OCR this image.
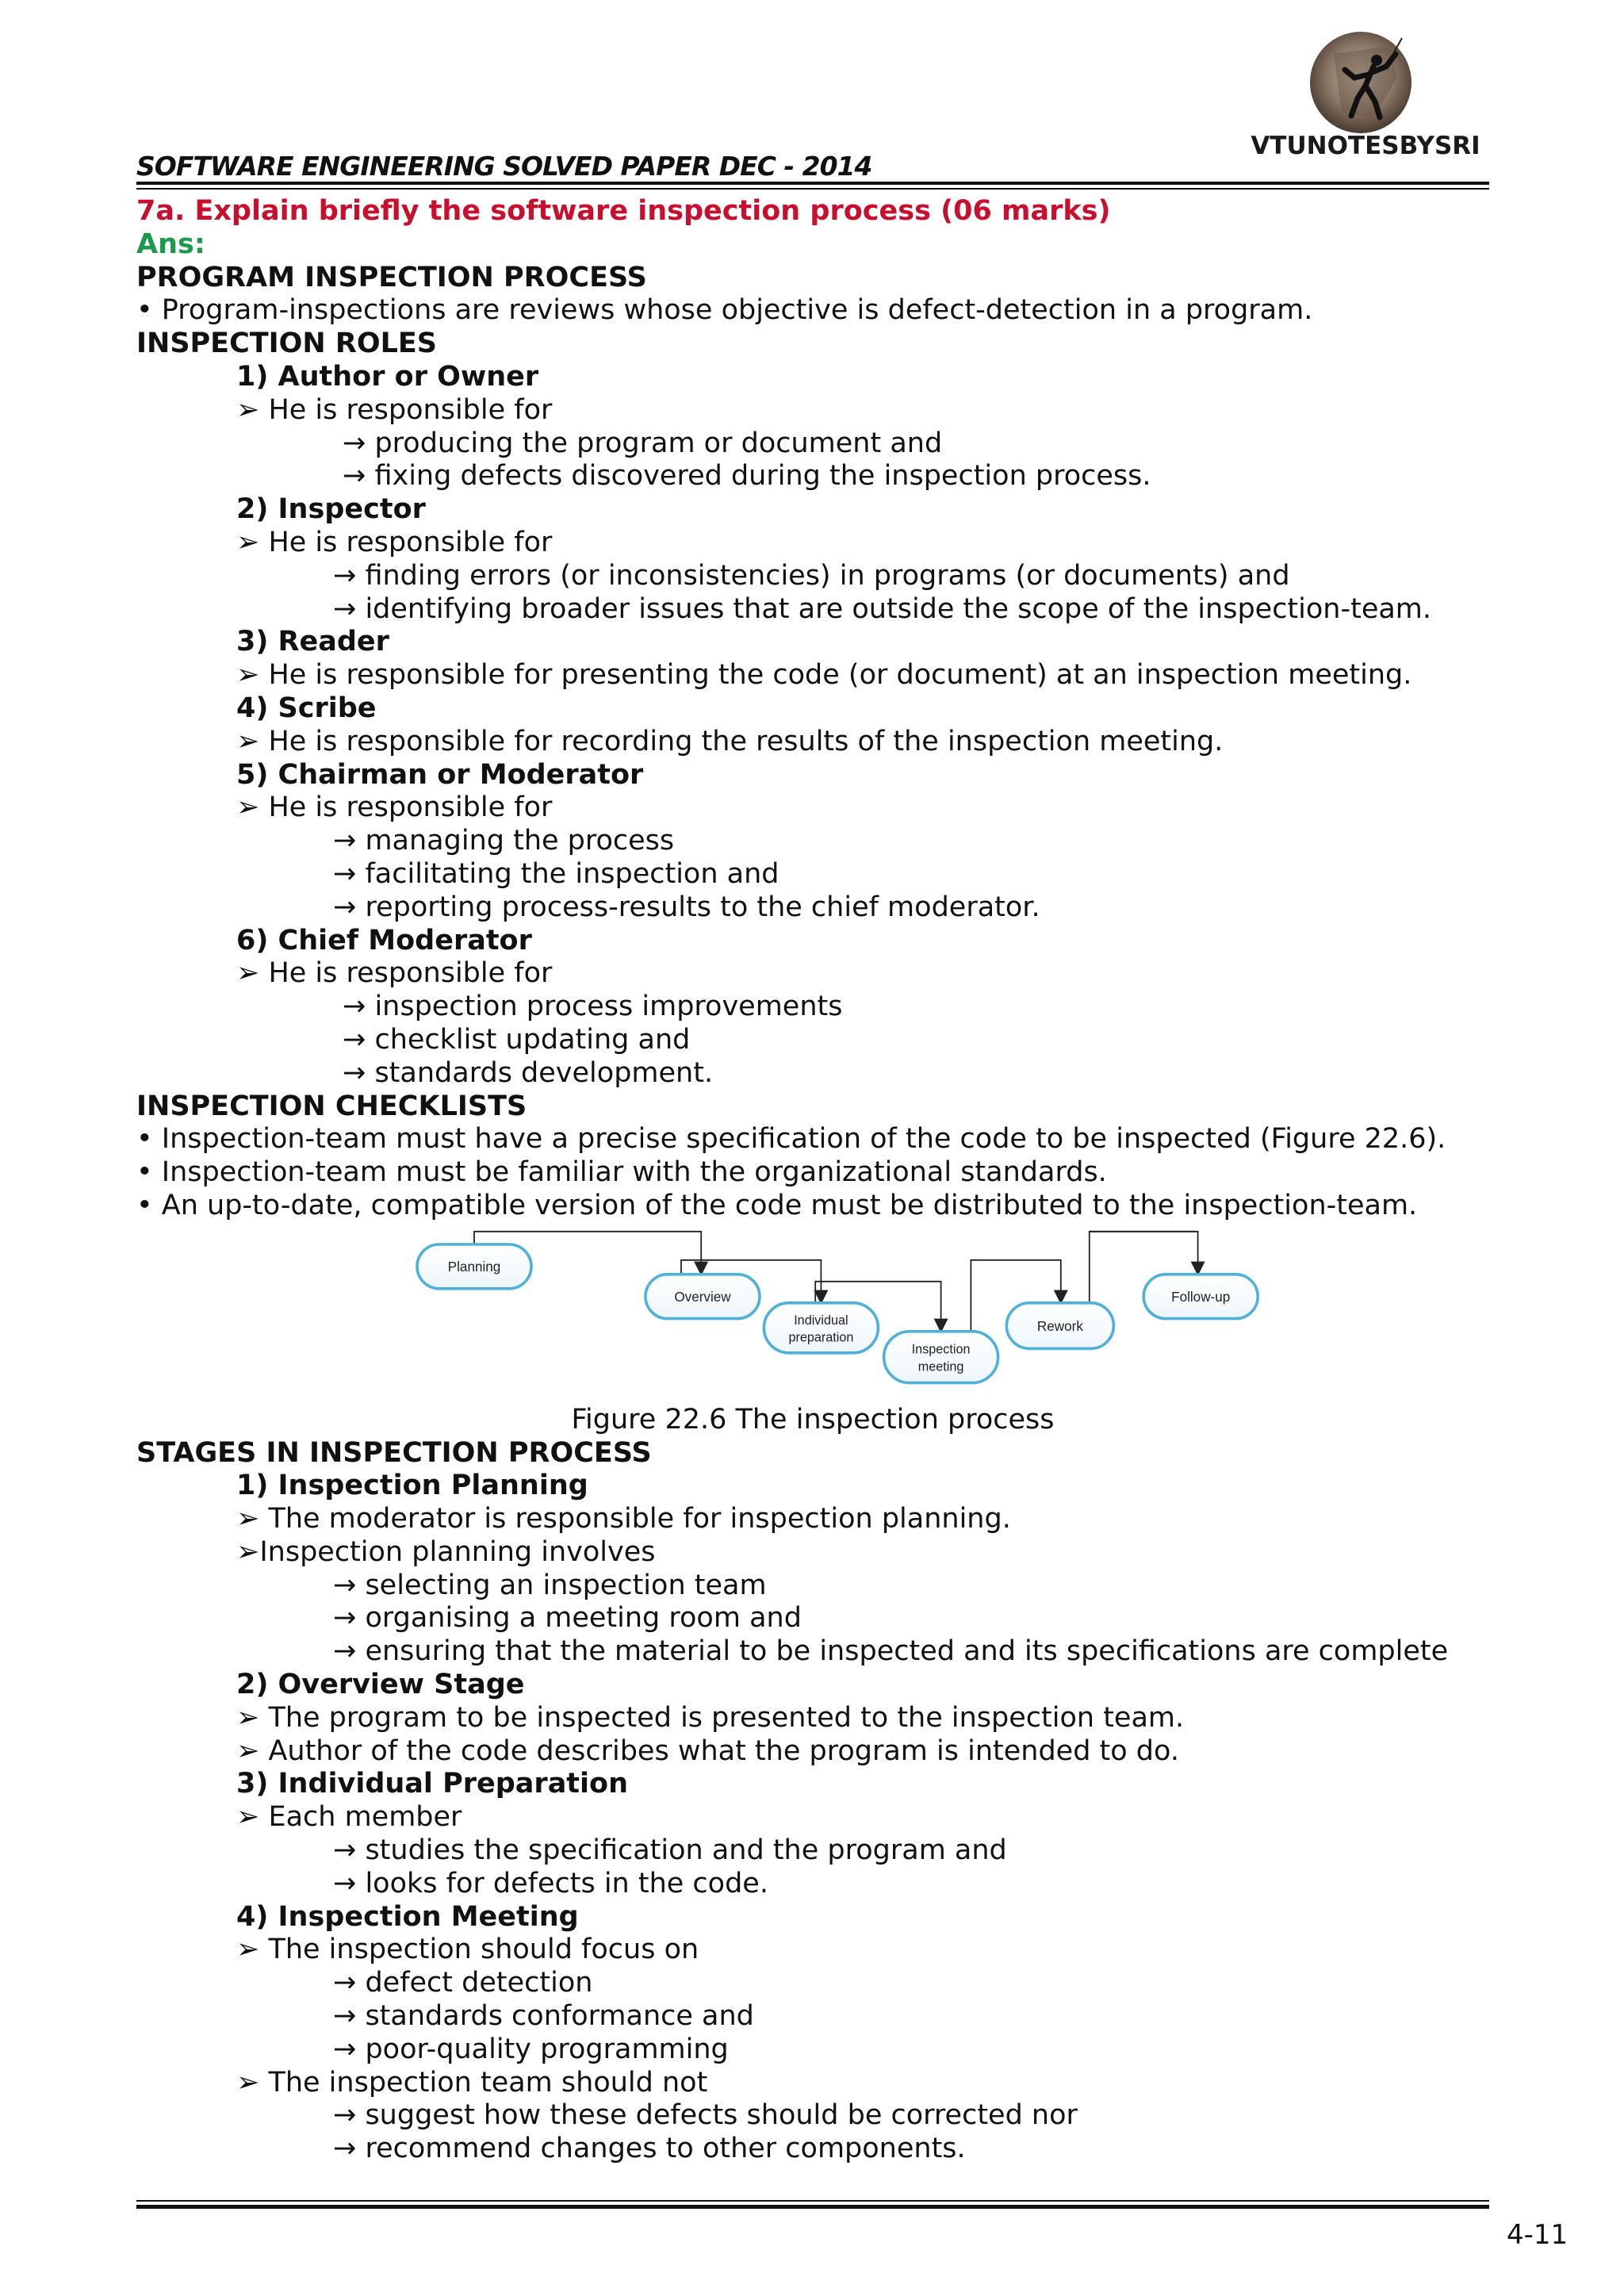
VTUNOTESBYSRI
SOFTWARE ENGINEERING SOLVED PAPER DEC - 2014
7a. Explain briefly the software inspection process (06 marks)
Ans:
PROGRAM INSPECTION PROCESS
• Program-inspections are reviews whose objective is defect-detection in a program.
INSPECTION ROLES
1) Author or Owner
➢ He is responsible for
→ producing the program or document and
→ fixing defects discovered during the inspection process.
2) Inspector
➢ He is responsible for
→ finding errors (or inconsistencies) in programs (or documents) and
→ identifying broader issues that are outside the scope of the inspection-team.
3) Reader
➢ He is responsible for presenting the code (or document) at an inspection meeting.
4) Scribe
➢ He is responsible for recording the results of the inspection meeting.
5) Chairman or Moderator
➢ He is responsible for
→ managing the process
→ facilitating the inspection and
→ reporting process-results to the chief moderator.
6) Chief Moderator
➢ He is responsible for
→ inspection process improvements
→ checklist updating and
→ standards development.
INSPECTION CHECKLISTS
• Inspection-team must have a precise specification of the code to be inspected (Figure 22.6).
• Inspection-team must be familiar with the organizational standards.
• An up-to-date, compatible version of the code must be distributed to the inspection-team.
Planning
Overview
Individual
preparation
Inspection
meeting
Rework
Follow-up
Figure 22.6 The inspection process
STAGES IN INSPECTION PROCESS
1) Inspection Planning
➢ The moderator is responsible for inspection planning.
➢Inspection planning involves
→ selecting an inspection team
→ organising a meeting room and
→ ensuring that the material to be inspected and its specifications are complete
2) Overview Stage
➢ The program to be inspected is presented to the inspection team.
➢ Author of the code describes what the program is intended to do.
3) Individual Preparation
➢ Each member
→ studies the specification and the program and
→ looks for defects in the code.
4) Inspection Meeting
➢ The inspection should focus on
→ defect detection
→ standards conformance and
→ poor-quality programming
➢ The inspection team should not
→ suggest how these defects should be corrected nor
→ recommend changes to other components.
4-11
